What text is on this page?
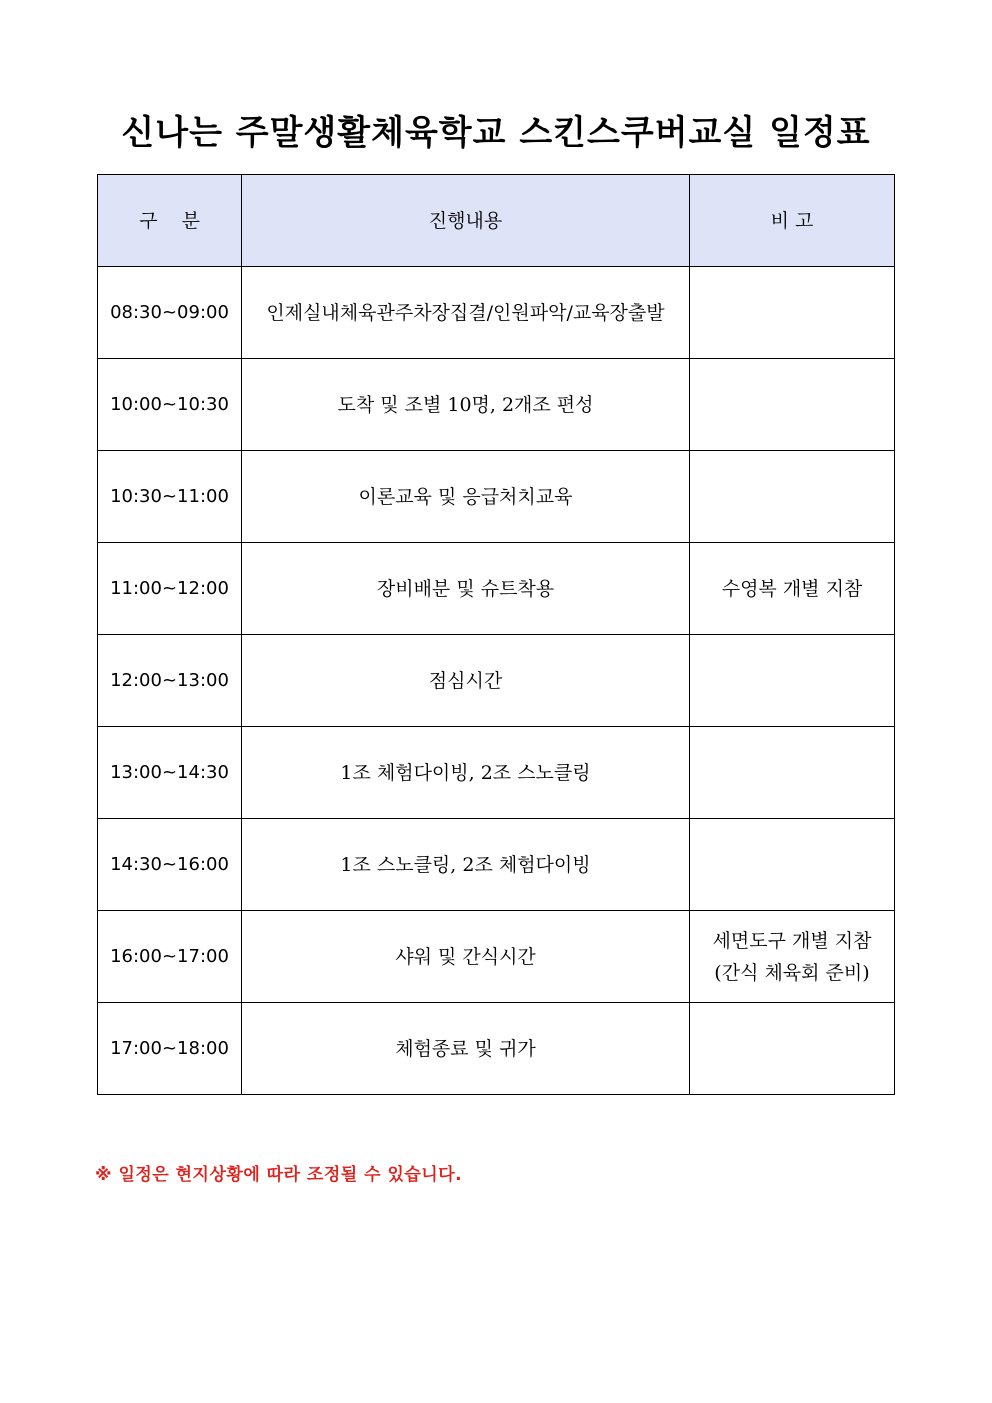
신나는 주말생활체육학교 스킨스쿠버교실 일정표
구    분	진행내용	비 고
08:30~09:00	인제실내체육관주차장집결/인원파악/교육장출발	

10:00~10:30	도착 및 조별 10명, 2개조 편성	

10:30~11:00	이론교육 및 응급처치교육	

11:00~12:00	장비배분 및 슈트착용	수영복 개별 지참

12:00~13:00	점심시간	

13:00~14:30	1조 체험다이빙, 2조 스노클링	

14:30~16:00	1조 스노클링, 2조 체험다이빙	

16:00~17:00	샤워 및 간식시간	세면도구 개별 지참
(간식 체육회 준비)

17:00~18:00	체험종료 및 귀가	
※ 일정은 현지상황에 따라 조정될 수 있습니다.
